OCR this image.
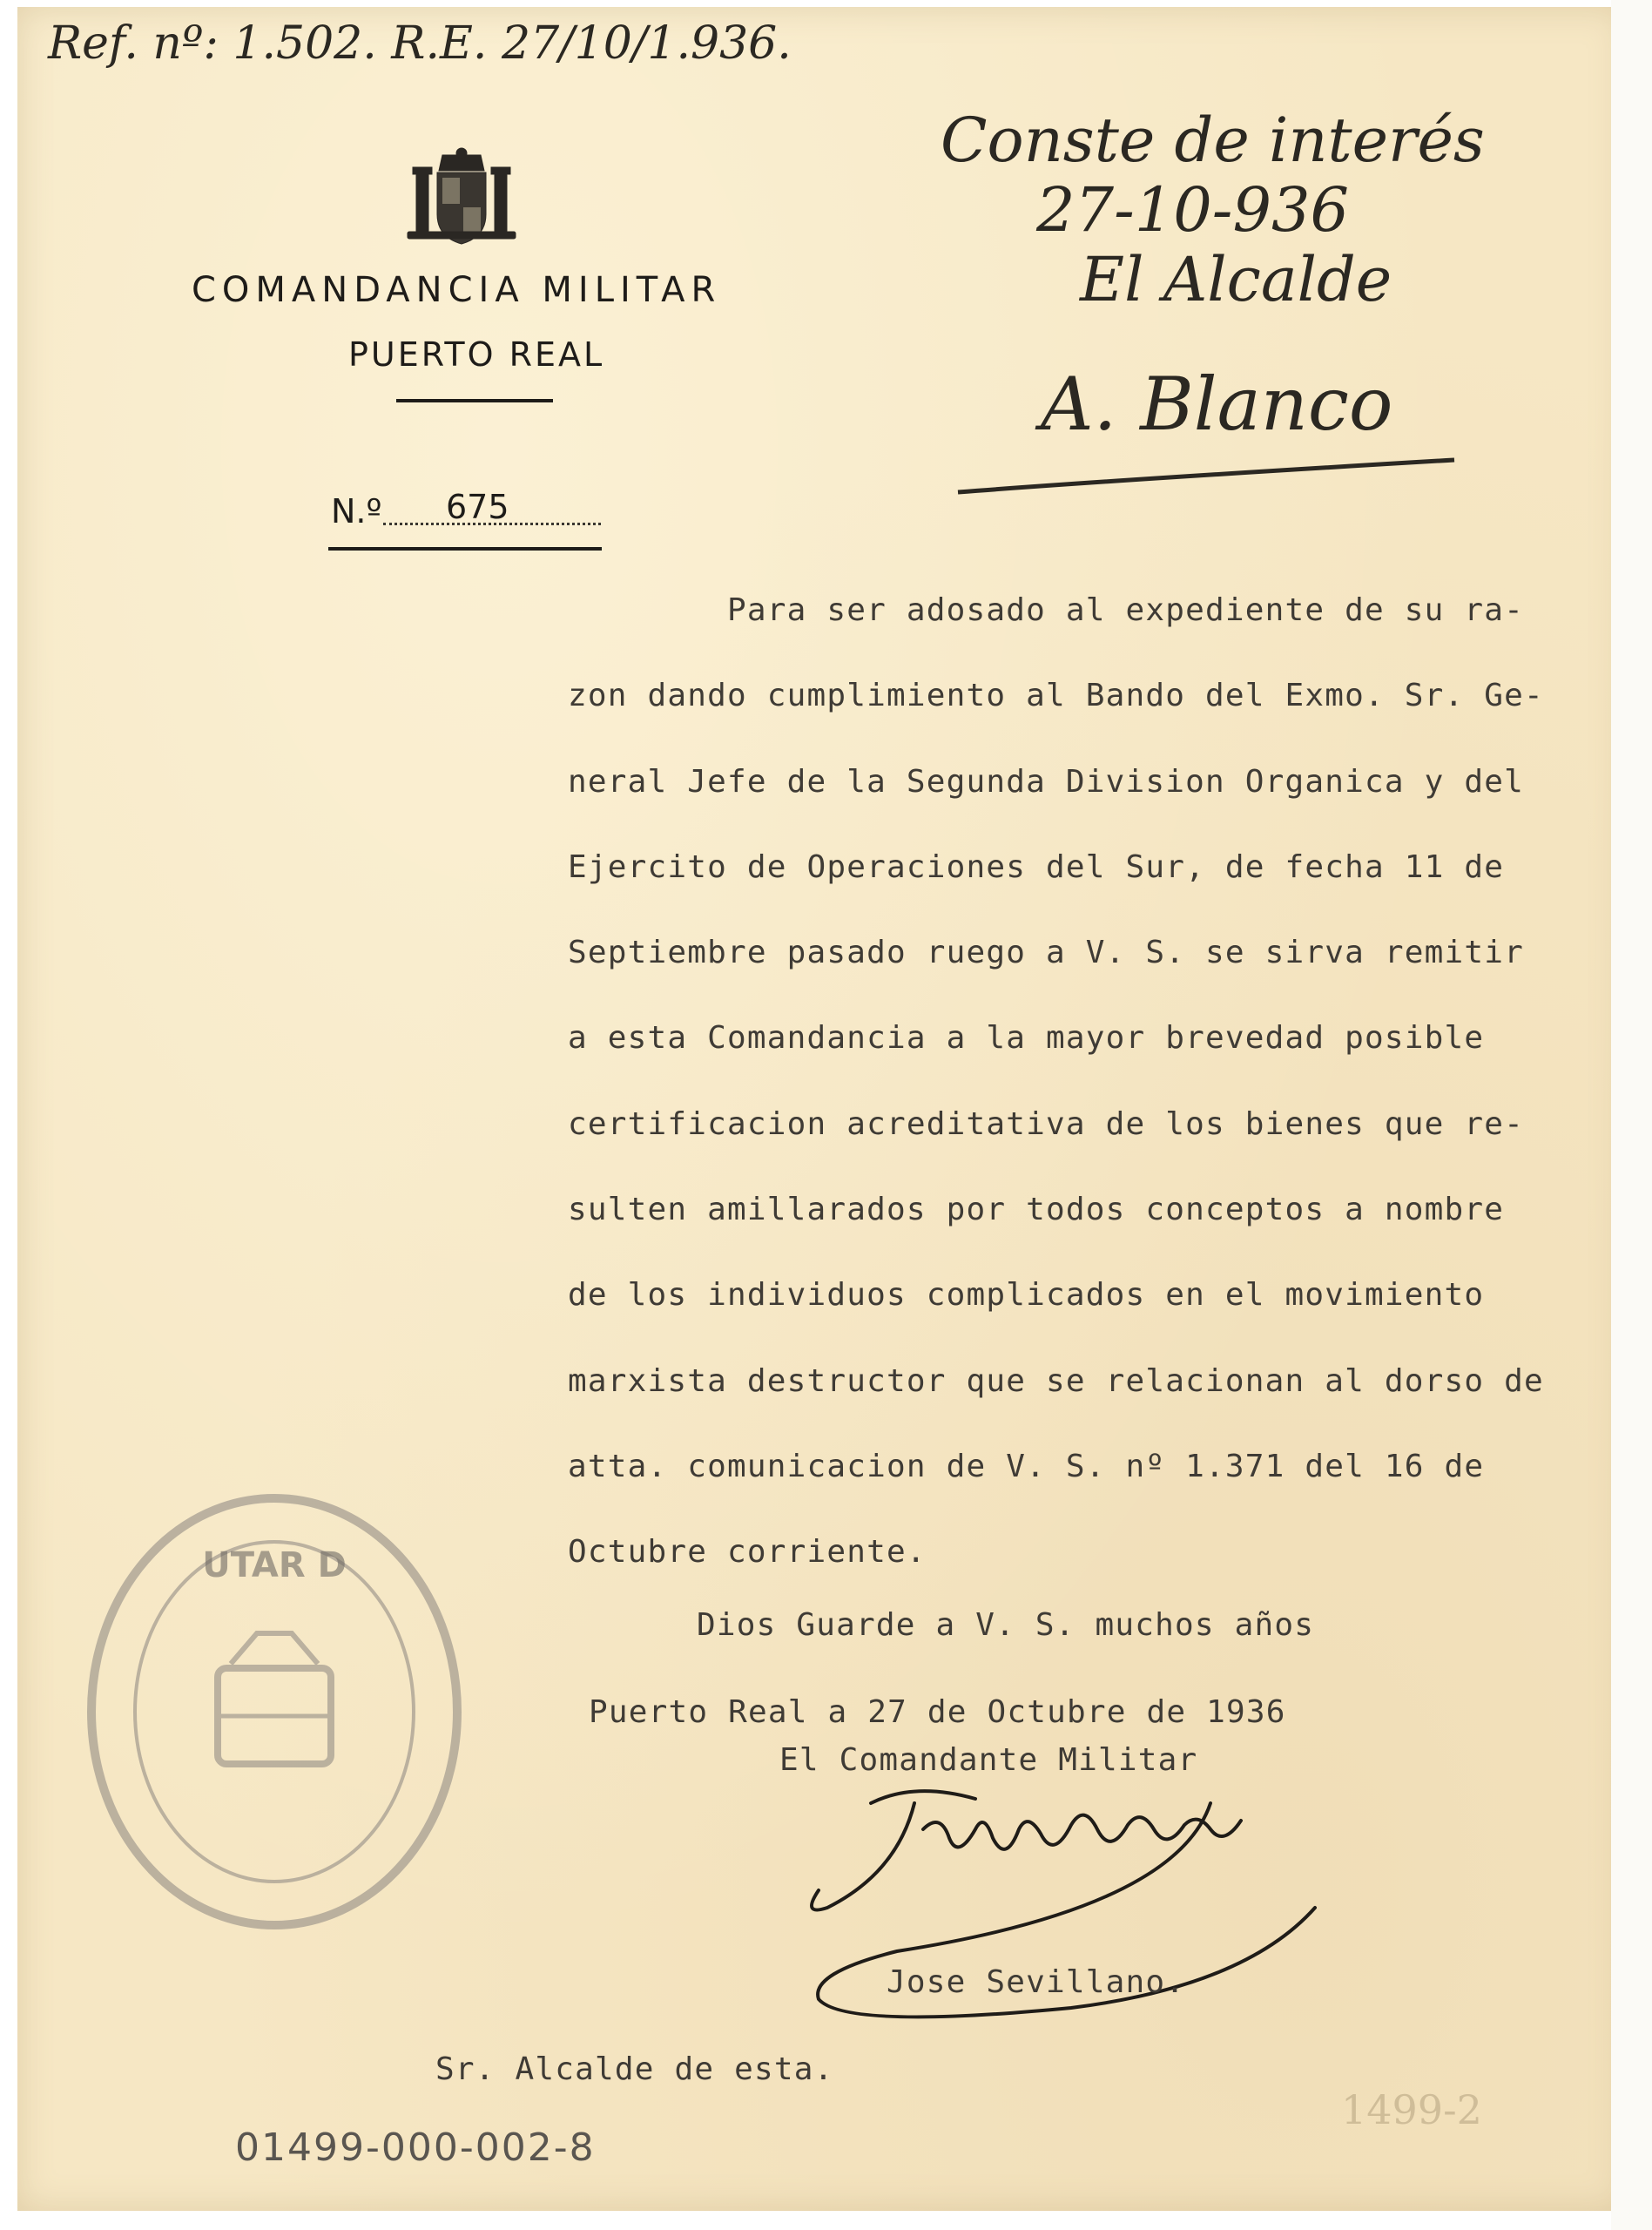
Ref. nº: 1.502. R.E. 27/10/1.936.
COMANDANCIA MILITAR
PUERTO REAL
N.º 675
Conste de interés
27-10-936
El Alcalde
A. Blanco
Para ser adosado al expediente de su ra-
zon dando cumplimiento al Bando del Exmo. Sr. Ge-
neral Jefe de la Segunda Division Organica y del
Ejercito de Operaciones del Sur, de fecha 11 de
Septiembre pasado ruego a V. S. se sirva remitir
a esta Comandancia a la mayor brevedad posible
certificacion acreditativa de los bienes que re-
sulten amillarados por todos conceptos a nombre
de los individuos complicados en el movimiento
marxista destructor que se relacionan al dorso de
atta. comunicacion de V. S. nº 1.371 del 16 de
Octubre corriente.
Dios Guarde a V. S. muchos años
Puerto Real a 27 de Octubre de 1936
El Comandante Militar
Jose Sevillano.
Sr. Alcalde de esta.
UTAR D
01499-000-002-8
1499-2
